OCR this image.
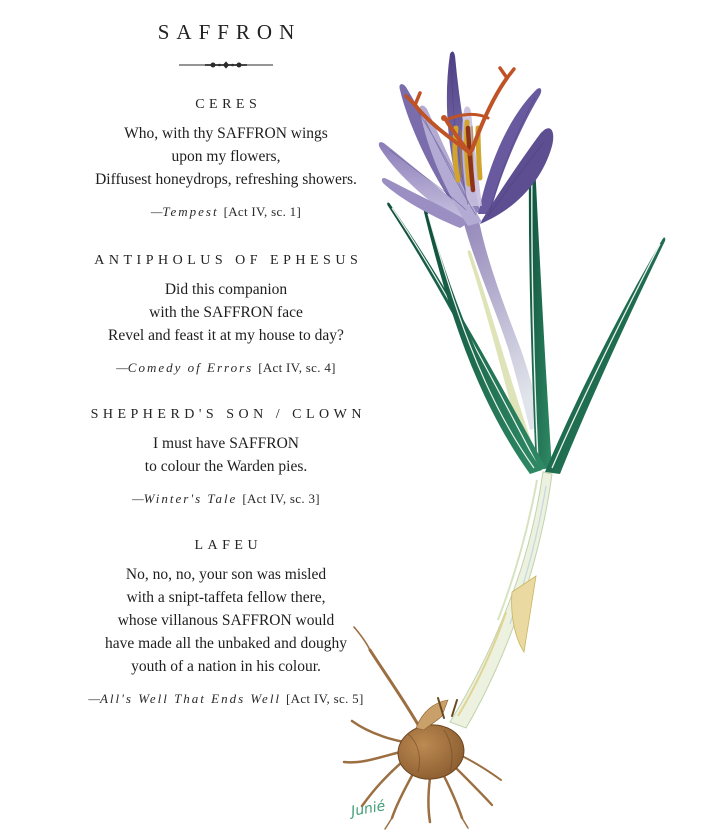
SAFFRON
CERES
Who, with thy SAFFRON wings
upon my flowers,
Diffusest honeydrops, refreshing showers.
—Tempest [Act IV, sc. 1]
ANTIPHOLUS OF EPHESUS
Did this companion
with the SAFFRON face
Revel and feast it at my house to day?
—Comedy of Errors [Act IV, sc. 4]
SHEPHERD'S SON / CLOWN
I must have SAFFRON
to colour the Warden pies.
—Winter's Tale [Act IV, sc. 3]
LAFEU
No, no, no, your son was misled
with a snipt-taffeta fellow there,
whose villanous SAFFRON would
have made all the unbaked and doughy
youth of a nation in his colour.
—All's Well That Ends Well [Act IV, sc. 5]
Junié
